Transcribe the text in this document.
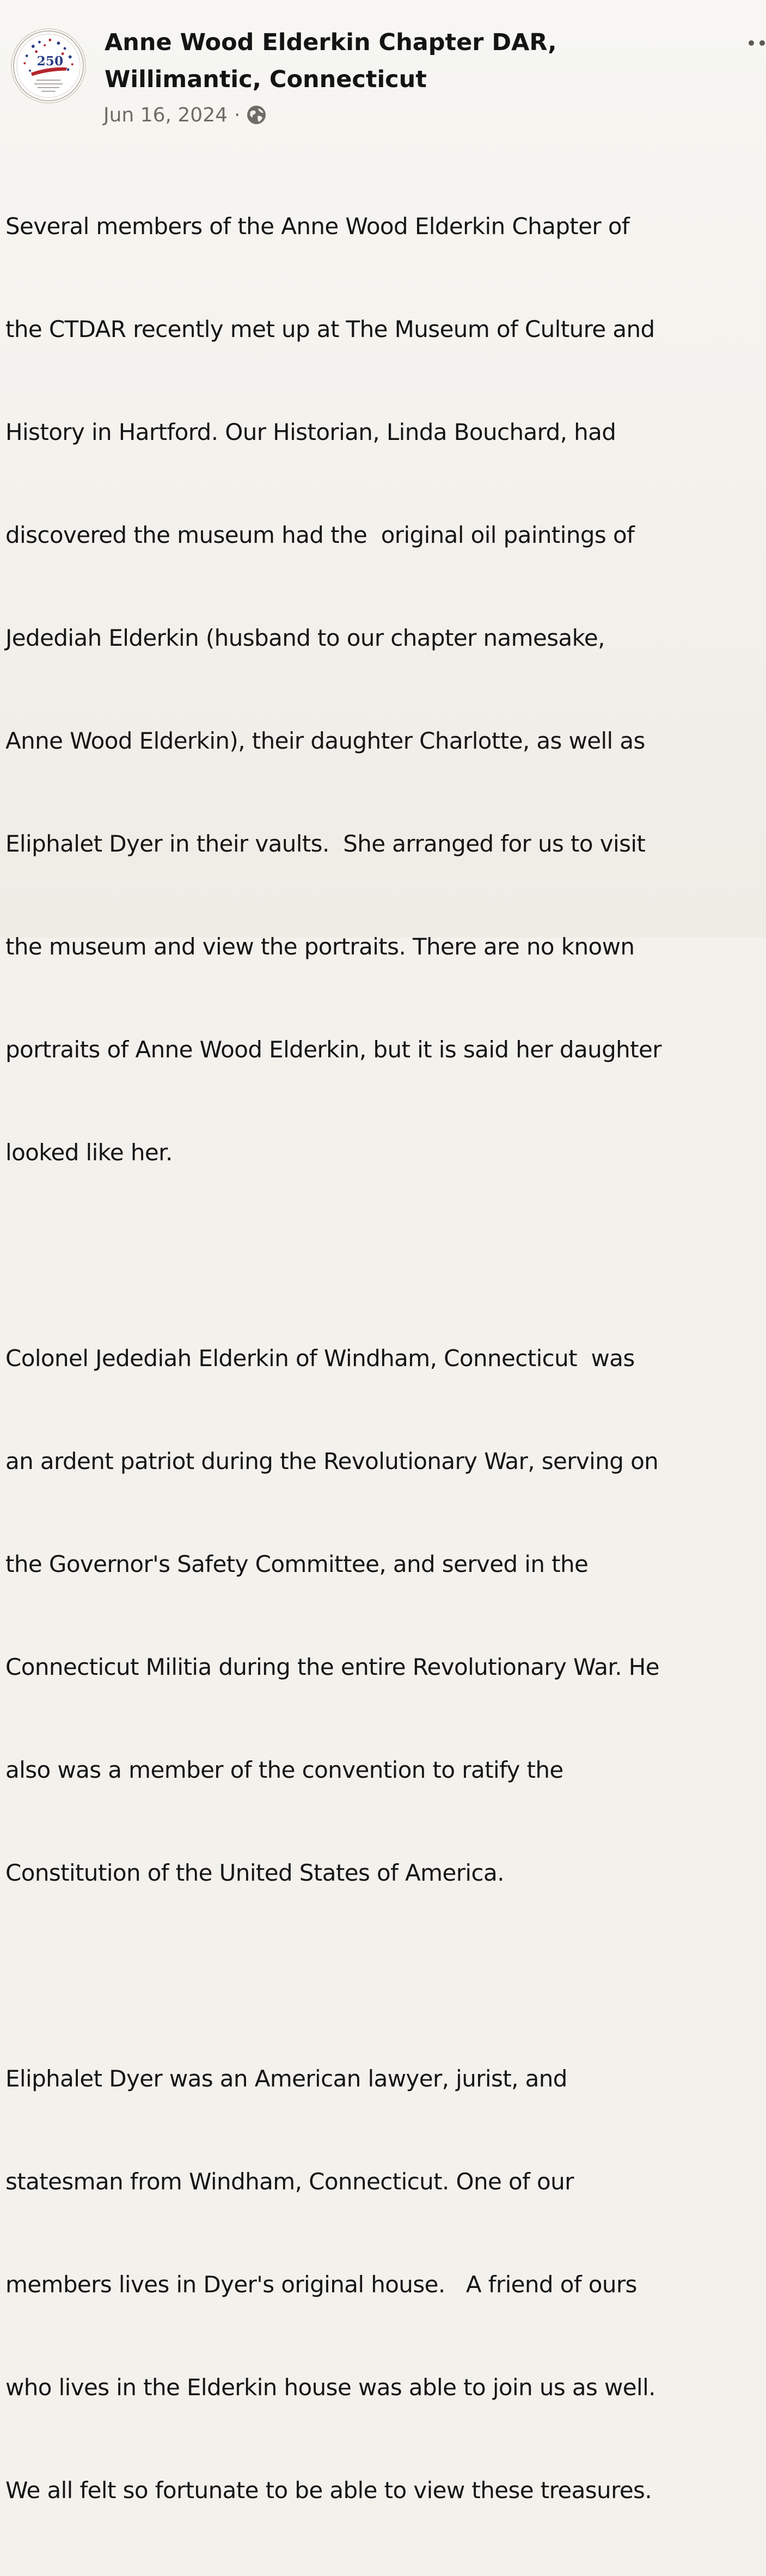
250
Anne Wood Elderkin Chapter DAR,
Willimantic, Connecticut
Jun 16, 2024 ·

Several members of the Anne Wood Elderkin Chapter of

the CTDAR recently met up at The Museum of Culture and

History in Hartford. Our Historian, Linda Bouchard, had

discovered the museum had the  original oil paintings of

Jedediah Elderkin (husband to our chapter namesake,

Anne Wood Elderkin), their daughter Charlotte, as well as

Eliphalet Dyer in their vaults.  She arranged for us to visit

the museum and view the portraits. There are no known

portraits of Anne Wood Elderkin, but it is said her daughter

looked like her.

Colonel Jedediah Elderkin of Windham, Connecticut  was

an ardent patriot during the Revolutionary War, serving on

the Governor's Safety Committee, and served in the

Connecticut Militia during the entire Revolutionary War. He

also was a member of the convention to ratify the

Constitution of the United States of America.

Eliphalet Dyer was an American lawyer, jurist, and

statesman from Windham, Connecticut. One of our

members lives in Dyer's original house.   A friend of ours

who lives in the Elderkin house was able to join us as well.

We all felt so fortunate to be able to view these treasures.
